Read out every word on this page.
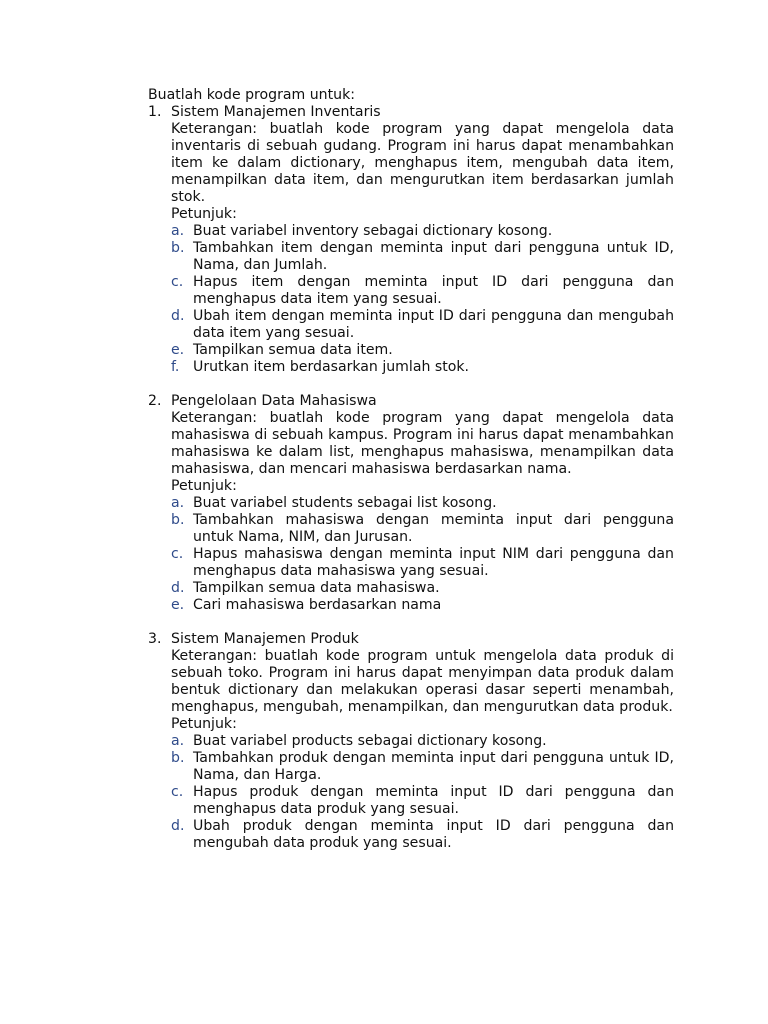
Buatlah kode program untuk:

1. Sistem Manajemen Inventaris

Keterangan: buatlah kode program yang dapat mengelola data inventaris di sebuah gudang. Program ini harus dapat menambahkan item ke dalam dictionary, menghapus item, mengubah data item, menampilkan data item, dan mengurutkan item berdasarkan jumlah stok.

Petunjuk:

a. Buat variabel inventory sebagai dictionary kosong.
b. Tambahkan item dengan meminta input dari pengguna untuk ID, Nama, dan Jumlah.
c. Hapus item dengan meminta input ID dari pengguna dan menghapus data item yang sesuai.
d. Ubah item dengan meminta input ID dari pengguna dan mengubah data item yang sesuai.
e. Tampilkan semua data item.
f. Urutkan item berdasarkan jumlah stok.
2. Pengelolaan Data Mahasiswa

Keterangan: buatlah kode program yang dapat mengelola data mahasiswa di sebuah kampus. Program ini harus dapat menambahkan mahasiswa ke dalam list, menghapus mahasiswa, menampilkan data mahasiswa, dan mencari mahasiswa berdasarkan nama.

Petunjuk:

a. Buat variabel students sebagai list kosong.
b. Tambahkan mahasiswa dengan meminta input dari pengguna untuk Nama, NIM, dan Jurusan.
c. Hapus mahasiswa dengan meminta input NIM dari pengguna dan menghapus data mahasiswa yang sesuai.
d. Tampilkan semua data mahasiswa.
e. Cari mahasiswa berdasarkan nama
3. Sistem Manajemen Produk

Keterangan: buatlah kode program untuk mengelola data produk di sebuah toko. Program ini harus dapat menyimpan data produk dalam bentuk dictionary dan melakukan operasi dasar seperti menambah, menghapus, mengubah, menampilkan, dan mengurutkan data produk.

Petunjuk:

a. Buat variabel products sebagai dictionary kosong.
b. Tambahkan produk dengan meminta input dari pengguna untuk ID, Nama, dan Harga.
c. Hapus produk dengan meminta input ID dari pengguna dan menghapus data produk yang sesuai.
d. Ubah produk dengan meminta input ID dari pengguna dan mengubah data produk yang sesuai.
